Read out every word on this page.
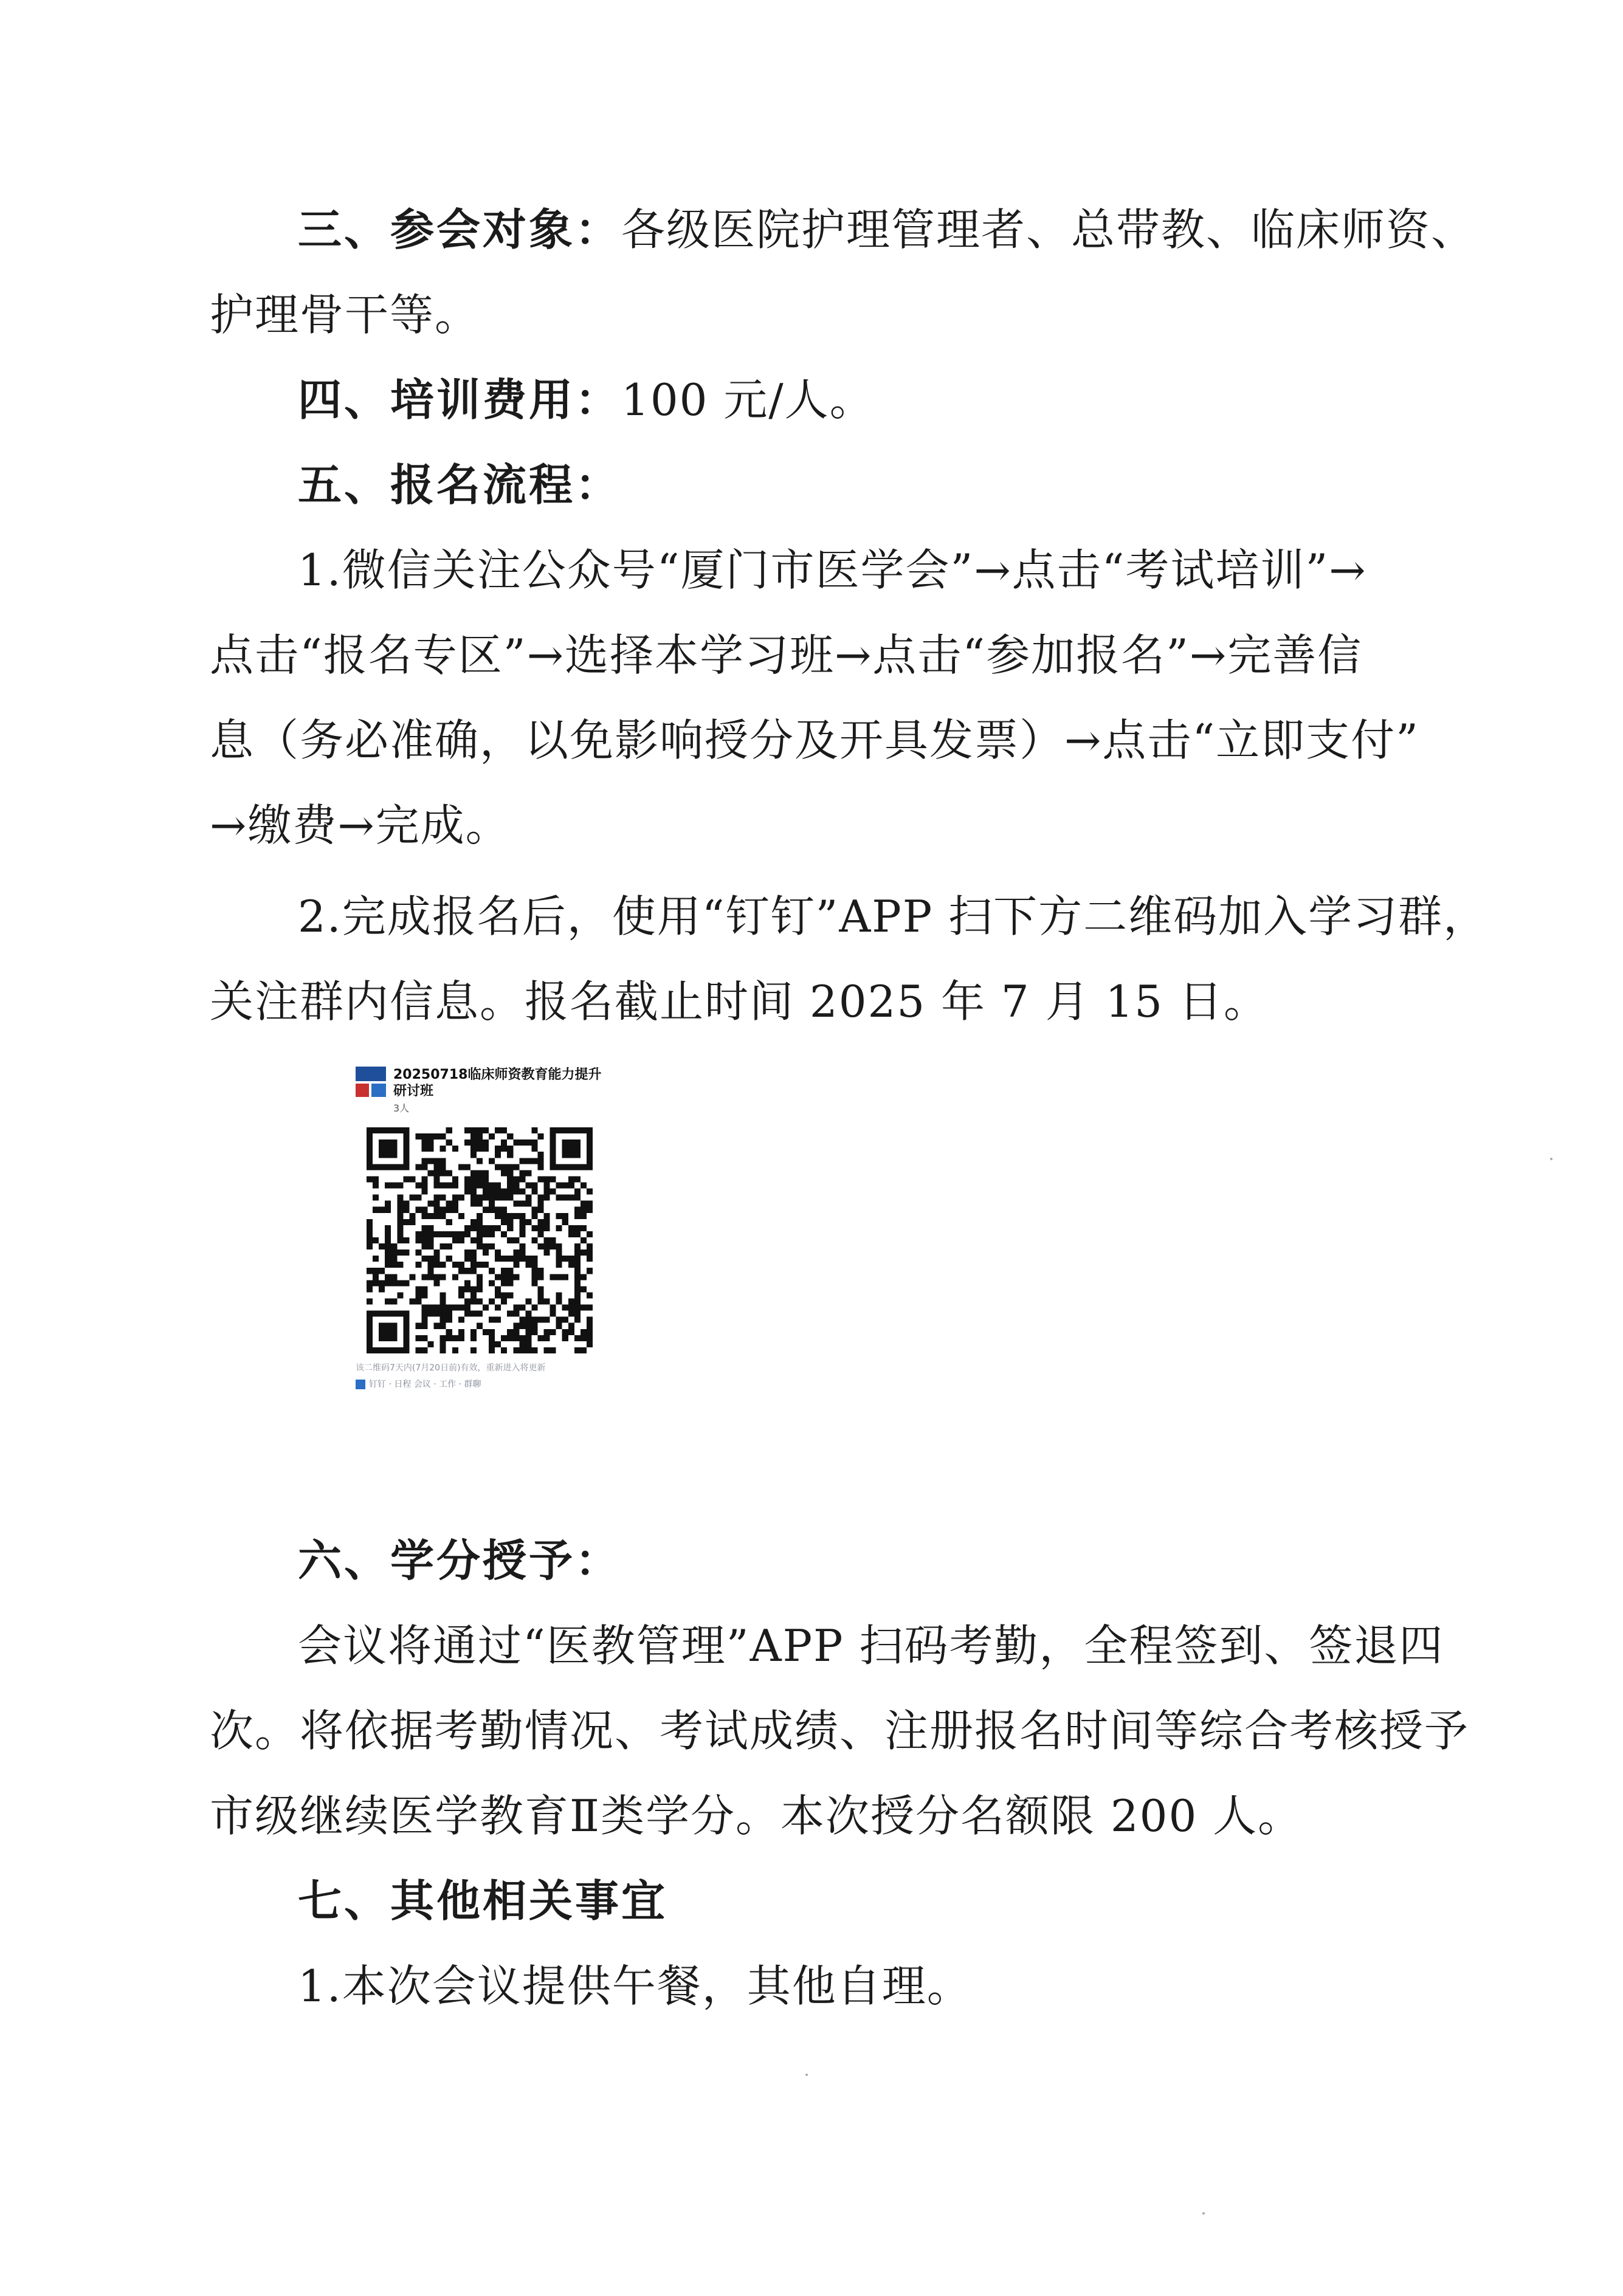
三、参会对象：各级医院护理管理者、总带教、临床师资、
护理骨干等。
四、培训费用：100 元/人。
五、报名流程：
1.微信关注公众号“厦门市医学会”→点击“考试培训”→
点击“报名专区”→选择本学习班→点击“参加报名”→完善信
息（务必准确，以免影响授分及开具发票）→点击“立即支付”
→缴费→完成。
2.完成报名后，使用“钉钉”APP 扫下方二维码加入学习群，
关注群内信息。报名截止时间 2025 年 7 月 15 日。
20250718临床师资教育能力提升研讨班
3人
该二维码7天内(7月20日前)有效，重新进入将更新
钉钉 · 日程 会议 · 工作 · 群聊
六、学分授予：
会议将通过“医教管理”APP 扫码考勤，全程签到、签退四
次。将依据考勤情况、考试成绩、注册报名时间等综合考核授予
市级继续医学教育Ⅱ类学分。本次授分名额限 200 人。
七、其他相关事宜
1.本次会议提供午餐，其他自理。
